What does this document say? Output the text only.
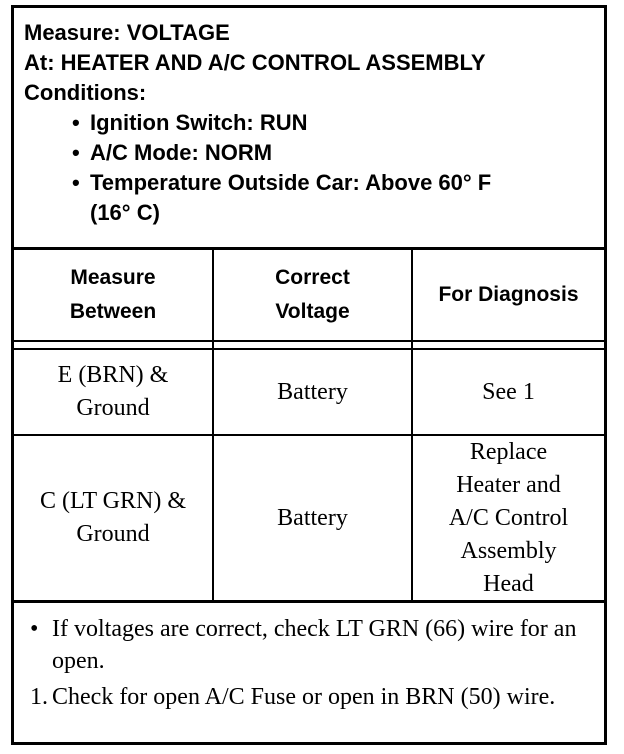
Measure: VOLTAGE
At: HEATER AND A/C CONTROL ASSEMBLY
Conditions:
• Ignition Switch: RUN
• A/C Mode: NORM
• Temperature Outside Car: Above 60° F
(16° C)
Measure
Between
Correct
Voltage
For Diagnosis
E (BRN) &
Ground
Battery	See 1
C (LT GRN) &
Ground
Battery
Replace
Heater and
A/C Control
Assembly
Head
• If voltages are correct, check LT GRN (66) wire for an open.
1. Check for open A/C Fuse or open in BRN (50) wire.
